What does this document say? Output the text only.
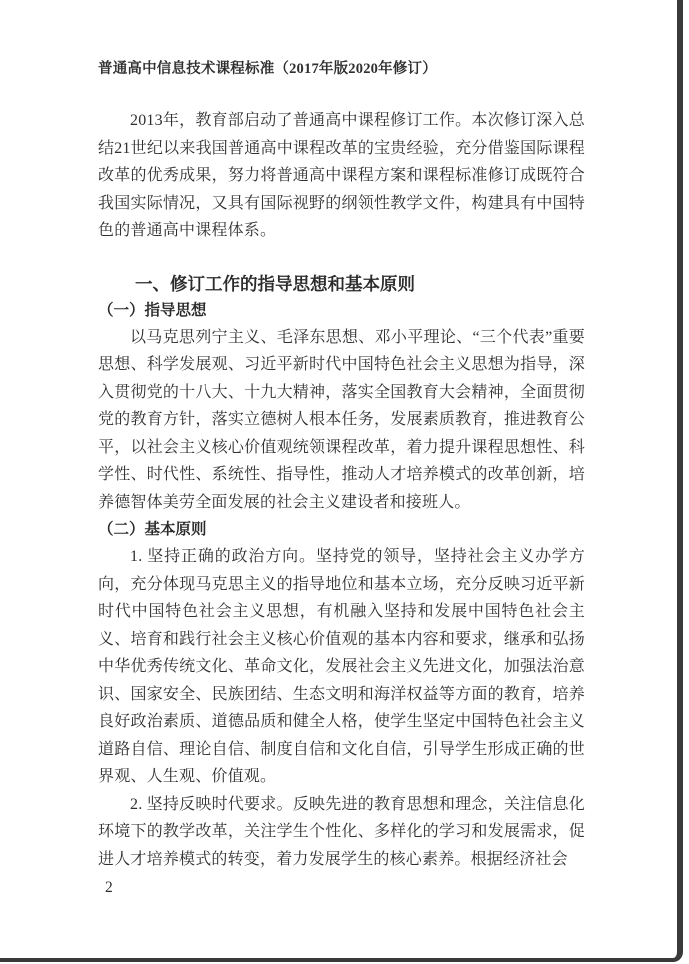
普通高中信息技术课程标准（2017年版2020年修订）

2013年，教育部启动了普通高中课程修订工作。本次修订深入总结21世纪以来我国普通高中课程改革的宝贵经验，充分借鉴国际课程改革的优秀成果，努力将普通高中课程方案和课程标准修订成既符合我国实际情况，又具有国际视野的纲领性教学文件，构建具有中国特色的普通高中课程体系。

一、修订工作的指导思想和基本原则
（一）指导思想

以马克思列宁主义、毛泽东思想、邓小平理论、“三个代表”重要思想、科学发展观、习近平新时代中国特色社会主义思想为指导，深入贯彻党的十八大、十九大精神，落实全国教育大会精神，全面贯彻党的教育方针，落实立德树人根本任务，发展素质教育，推进教育公平，以社会主义核心价值观统领课程改革，着力提升课程思想性、科学性、时代性、系统性、指导性，推动人才培养模式的改革创新，培养德智体美劳全面发展的社会主义建设者和接班人。

（二）基本原则

1. 坚持正确的政治方向。坚持党的领导，坚持社会主义办学方向，充分体现马克思主义的指导地位和基本立场，充分反映习近平新时代中国特色社会主义思想，有机融入坚持和发展中国特色社会主义、培育和践行社会主义核心价值观的基本内容和要求，继承和弘扬中华优秀传统文化、革命文化，发展社会主义先进文化，加强法治意识、国家安全、民族团结、生态文明和海洋权益等方面的教育，培养良好政治素质、道德品质和健全人格，使学生坚定中国特色社会主义道路自信、理论自信、制度自信和文化自信，引导学生形成正确的世界观、人生观、价值观。

2. 坚持反映时代要求。反映先进的教育思想和理念，关注信息化环境下的教学改革，关注学生个性化、多样化的学习和发展需求，促进人才培养模式的转变，着力发展学生的核心素养。根据经济社会

2
